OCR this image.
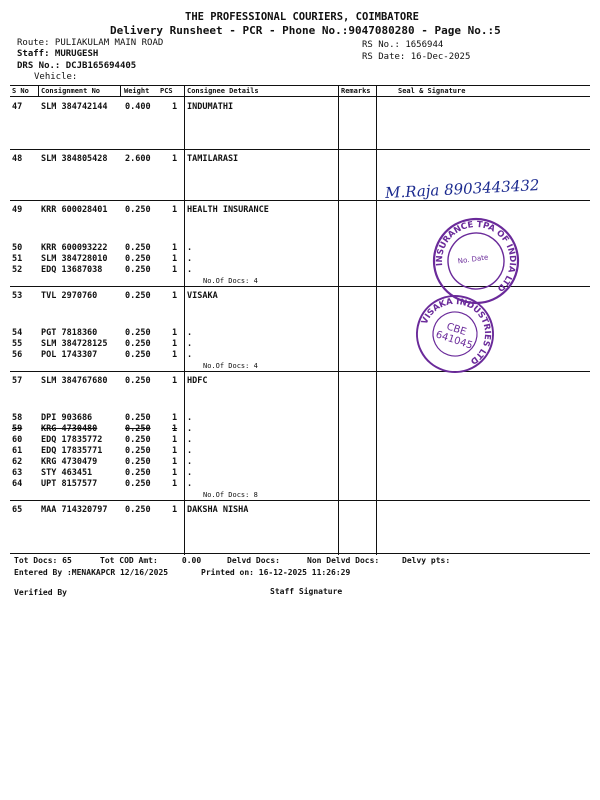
THE PROFESSIONAL COURIERS, COIMBATORE
Delivery Runsheet - PCR - Phone No.:9047080280 - Page No.:5
Route: PULIAKULAM MAIN ROAD
Staff: MURUGESH
DRS No.: DCJB165694405
Vehicle:
RS No.: 1656944
RS Date: 16-Dec-2025
S No Consignment No	Weight PCS Consignee Details	Remarks	Seal & Signature
47 SLM 384742144 0.400	1 INDUMATHI
48 SLM 384805428 2.600	1 TAMILARASI
49 KRR 600028401 0.250	1 HEALTH INSURANCE
50 KRR 600093222 0.250	1 .
51 SLM 384728010 0.250	1 .
52 EDQ 13687038	0.250	1 .
No.Of Docs: 4
53 TVL 2970760	0.250	1 VISAKA
54 PGT 7818360	0.250	1 .
55 SLM 384728125 0.250	1 .
56 POL 1743307	0.250	1 .
No.Of Docs: 4
57 SLM 384767680 0.250	1 HDFC
58 DPI 903686	0.250	1 .
59 KRG 4730480	0.250	1 .
60 EDQ 17835772	0.250	1 .
61 EDQ 17835771	0.250	1 .
62 KRG 4730479	0.250	1 .
63 STY 463451	0.250	1 .
64 UPT 8157577	0.250	1 .
No.Of Docs: 8
65 MAA 714320797 0.250	1 DAKSHA NISHA
M.Raja 8903443432
INSURANCE TPA OF INDIA LTD
No. Date
VISAKA INDUSTRIES LTD
CBE 641045
Tot Docs: 65	Tot COD Amt:     0.00	Delvd Docs:	Non Delvd Docs:	Delvy pts:
Entered By :MENAKAPCR 12/16/2025	Printed on: 16-12-2025 11:26:29
Verified By	Staff Signature
